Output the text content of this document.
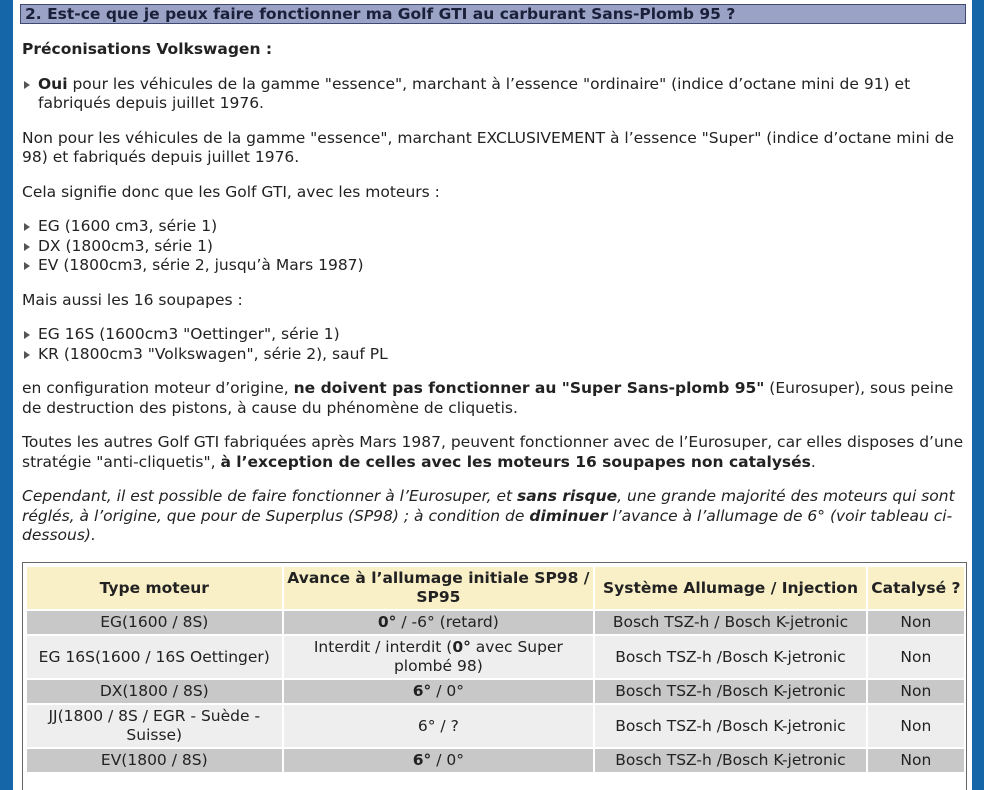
2. Est-ce que je peux faire fonctionner ma Golf GTI au carburant Sans-Plomb 95 ?

Préconisations Volkswagen :

Oui pour les véhicules de la gamme "essence", marchant à l’essence "ordinaire" (indice d’octane mini de 91) et fabriqués depuis juillet 1976.

Non pour les véhicules de la gamme "essence", marchant EXCLUSIVEMENT à l’essence "Super" (indice d’octane mini de 98) et fabriqués depuis juillet 1976.

Cela signifie donc que les Golf GTI, avec les moteurs :

EG (1600 cm3, série 1)
DX (1800cm3, série 1)
EV (1800cm3, série 2, jusqu’à Mars 1987)

Mais aussi les 16 soupapes :

EG 16S (1600cm3 "Oettinger", série 1)
KR (1800cm3 "Volkswagen", série 2), sauf PL

en configuration moteur d’origine, ne doivent pas fonctionner au "Super Sans-plomb 95" (Eurosuper), sous peine de destruction des pistons, à cause du phénomène de cliquetis.

Toutes les autres Golf GTI fabriquées après Mars 1987, peuvent fonctionner avec de l’Eurosuper, car elles disposes d’une stratégie "anti-cliquetis", à l’exception de celles avec les moteurs 16 soupapes non catalysés.

Cependant, il est possible de faire fonctionner à l’Eurosuper, et sans risque, une grande majorité des moteurs qui sont réglés, à l’origine, que pour de Superplus (SP98) ; à condition de diminuer l’avance à l’allumage de 6° (voir tableau ci-dessous).

Type moteur	Avance à l’allumage initiale SP98 / SP95	Système Allumage / Injection	Catalysé ?
EG(1600 / 8S)	0° / -6° (retard)	Bosch TSZ-h / Bosch K-jetronic	Non
EG 16S(1600 / 16S Oettinger)	Interdit / interdit (0° avec Super plombé 98)	Bosch TSZ-h /Bosch K-jetronic	Non
DX(1800 / 8S)	6° / 0°	Bosch TSZ-h /Bosch K-jetronic	Non
JJ(1800 / 8S / EGR - Suède - Suisse)	6° / ?	Bosch TSZ-h /Bosch K-jetronic	Non
EV(1800 / 8S)	6° / 0°	Bosch TSZ-h /Bosch K-jetronic	Non
